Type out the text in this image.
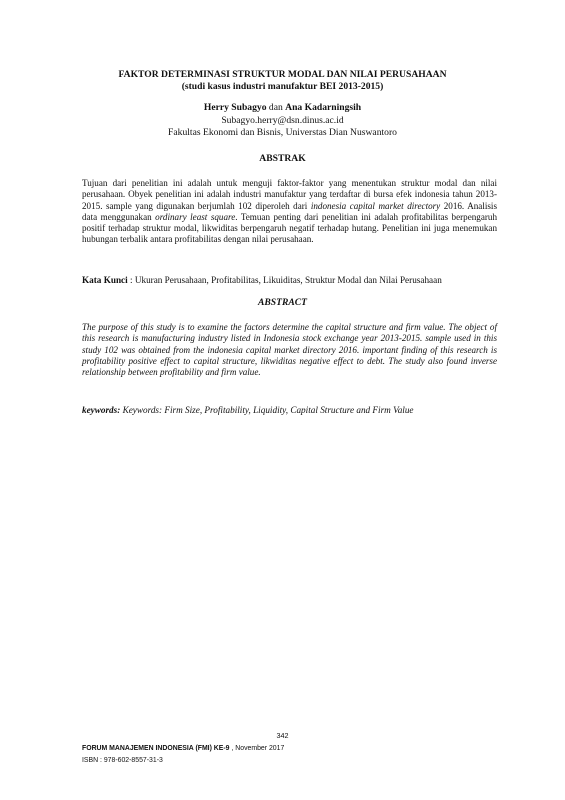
FAKTOR DETERMINASI STRUKTUR MODAL DAN NILAI PERUSAHAAN
(studi kasus industri manufaktur BEI 2013-2015)
Herry Subagyo dan Ana Kadarningsih
Subagyo.herry@dsn.dinus.ac.id
Fakultas Ekonomi dan Bisnis, Universtas Dian Nuswantoro
ABSTRAK
Tujuan dari penelitian ini adalah untuk menguji faktor-faktor yang menentukan struktur modal dan nilai perusahaan. Obyek penelitian ini adalah industri manufaktur yang terdaftar di bursa efek indonesia tahun 2013-2015. sample yang digunakan berjumlah 102 diperoleh dari indonesia capital market directory 2016. Analisis data menggunakan ordinary least square. Temuan penting dari penelitian ini adalah profitabilitas berpengaruh positif terhadap struktur modal, likwiditas berpengaruh negatif terhadap hutang. Penelitian ini juga menemukan hubungan terbalik antara profitabilitas dengan nilai perusahaan.
Kata Kunci : Ukuran Perusahaan, Profitabilitas, Likuiditas, Struktur Modal dan Nilai Perusahaan
ABSTRACT
The purpose of this study is to examine the factors determine the capital structure and firm value. The object of this research is manufacturing industry listed in Indonesia stock exchange year 2013-2015. sample used in this study 102 was obtained from the indonesia capital market directory 2016. important finding of this research is profitability positive effect to capital structure, likwiditas negative effect to debt. The study also found inverse relationship between profitability and firm value.
keywords: Keywords: Firm Size, Profitability, Liquidity, Capital Structure and Firm Value
342
FORUM MANAJEMEN INDONESIA (FMI) KE-9 , November 2017
ISBN : 978-602-8557-31-3
